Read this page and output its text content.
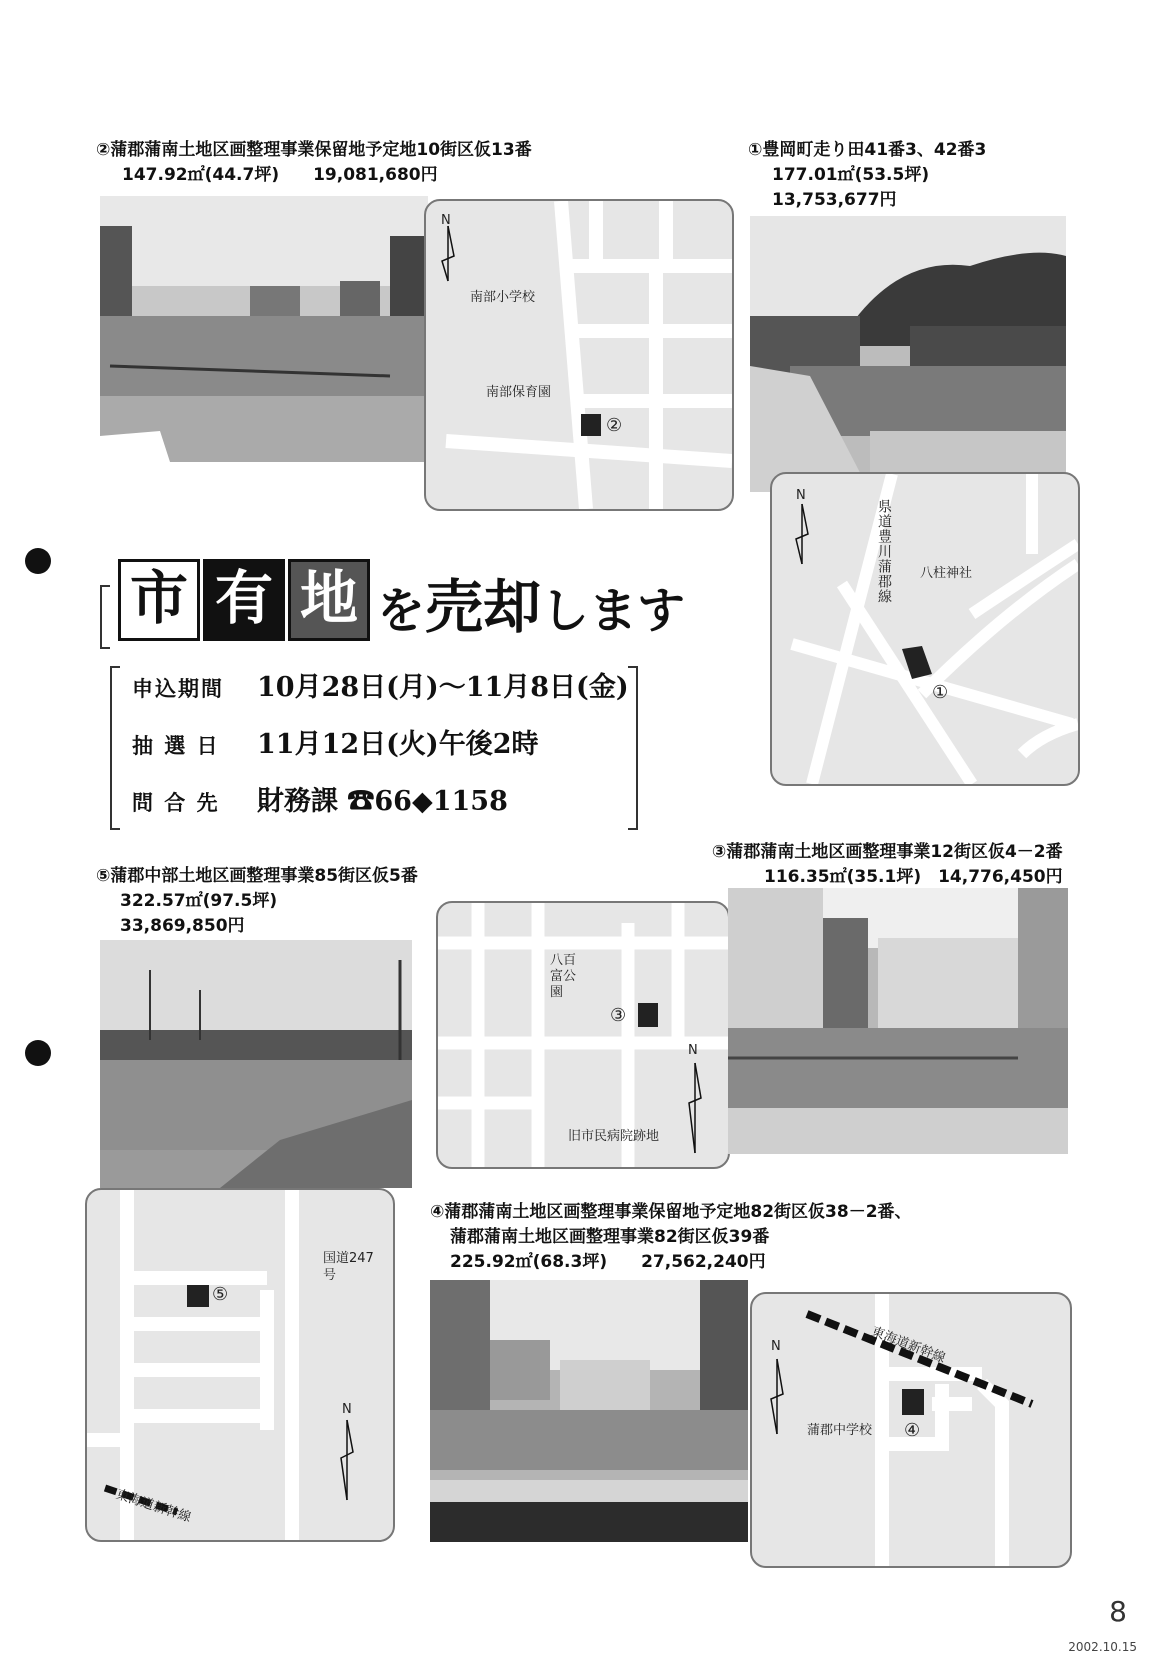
②蒲郡蒲南土地区画整理事業保留地予定地10街区仮13番
147.92㎡(44.7坪)　　19,081,680円
N
南部小学校
南部保育園
②
①豊岡町走り田41番3、42番3
177.01㎡(53.5坪)
13,753,677円
N
県道豊川蒲郡線 八柱神社
①
市 有 地 を売却します
申込期間	10月28日(月)～11月8日(金)
抽 選 日	11月12日(火)午後2時
問 合 先	財務課 ☎66◆1158
③蒲郡蒲南土地区画整理事業12街区仮4－2番
116.35㎡(35.1坪)　14,776,450円
⑤蒲郡中部土地区画整理事業85街区仮5番
322.57㎡(97.5坪)
33,869,850円
八百富公園
③
旧市民病院跡地
N
⑤
国道247号
N
東海道新幹線
④蒲郡蒲南土地区画整理事業保留地予定地82街区仮38－2番、
蒲郡蒲南土地区画整理事業82街区仮39番
225.92㎡(68.3坪)　　27,562,240円
東海道新幹線
N
蒲郡中学校 ④
8
2002.10.15
